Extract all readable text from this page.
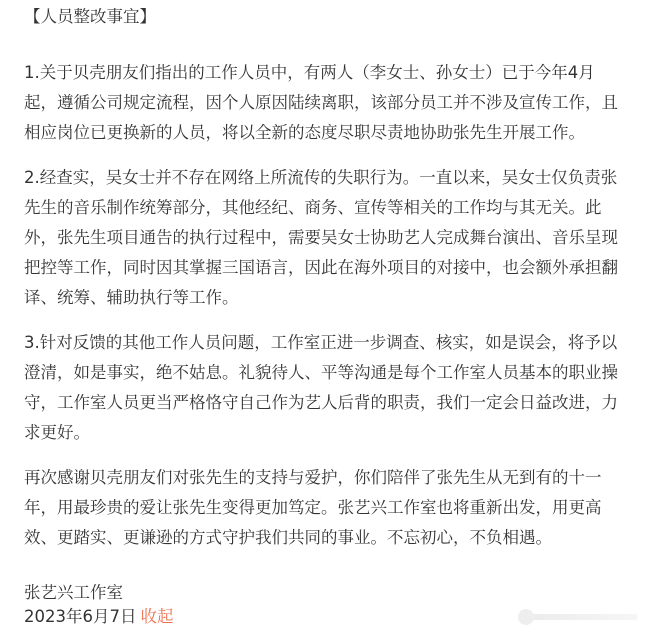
【人员整改事宜】

1.关于贝壳朋友们指出的工作人员中，有两人（李女士、孙女士）已于今年4月起，遵循公司规定流程，因个人原因陆续离职，该部分员工并不涉及宣传工作，且相应岗位已更换新的人员，将以全新的态度尽职尽责地协助张先生开展工作。

2.经查实，吴女士并不存在网络上所流传的失职行为。一直以来，吴女士仅负责张先生的音乐制作统筹部分，其他经纪、商务、宣传等相关的工作均与其无关。此外，张先生项目通告的执行过程中，需要吴女士协助艺人完成舞台演出、音乐呈现把控等工作，同时因其掌握三国语言，因此在海外项目的对接中，也会额外承担翻译、统筹、辅助执行等工作。

3.针对反馈的其他工作人员问题，工作室正进一步调查、核实，如是误会，将予以澄清，如是事实，绝不姑息。礼貌待人、平等沟通是每个工作室人员基本的职业操守，工作室人员更当严格恪守自己作为艺人后背的职责，我们一定会日益改进，力求更好。

再次感谢贝壳朋友们对张先生的支持与爱护，你们陪伴了张先生从无到有的十一年，用最珍贵的爱让张先生变得更加笃定。张艺兴工作室也将重新出发，用更高效、更踏实、更谦逊的方式守护我们共同的事业。不忘初心，不负相遇。

张艺兴工作室
2023年6月7日 收起
